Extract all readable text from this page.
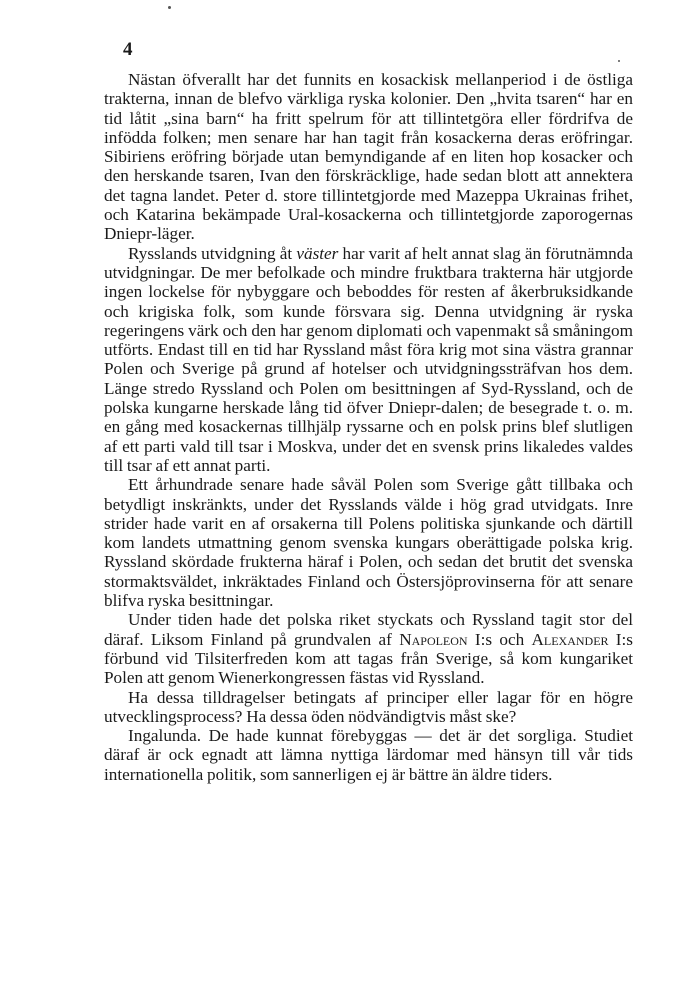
4

Nästan öfverallt har det funnits en kosackisk mellanperiod i de östliga trakterna, innan de blefvo värkliga ryska kolonier. Den „hvita tsaren“ har en tid låtit „sina barn“ ha fritt spelrum för att tillintetgöra eller fördrifva de infödda folken; men senare har han tagit från kosackerna deras eröfringar. Sibiriens eröfring började utan bemyndigande af en liten hop kosacker och den herskande tsaren, Ivan den förskräcklige, hade sedan blott att annektera det tagna landet. Peter d. store tillintetgjorde med Mazeppa Ukrainas frihet, och Katarina bekämpade Ural-kosackerna och tillintetgjorde zaporogernas Dniepr-läger.

Rysslands utvidgning åt väster har varit af helt annat slag än förutnämnda utvidgningar. De mer befolkade och mindre fruktbara trakterna här utgjorde ingen lockelse för nybyggare och beboddes för resten af åkerbruksidkande och krigiska folk, som kunde försvara sig. Denna utvidgning är ryska regeringens värk och den har genom diplomati och vapenmakt så småningom utförts. Endast till en tid har Ryssland måst föra krig mot sina västra grannar Polen och Sverige på grund af hotelser och utvidgningssträfvan hos dem. Länge stredo Ryssland och Polen om besittningen af Syd-Ryssland, och de polska kungarne herskade lång tid öfver Dniepr-dalen; de besegrade t. o. m. en gång med kosackernas tillhjälp ryssarne och en polsk prins blef slutligen af ett parti vald till tsar i Moskva, under det en svensk prins likaledes valdes till tsar af ett annat parti.

Ett århundrade senare hade såväl Polen som Sverige gått tillbaka och betydligt inskränkts, under det Rysslands välde i hög grad utvidgats. Inre strider hade varit en af orsakerna till Polens politiska sjunkande och därtill kom landets utmattning genom svenska kungars oberättigade polska krig. Ryssland skördade frukterna häraf i Polen, och sedan det brutit det svenska stormaktsväldet, inkräktades Finland och Östersjöprovinserna för att senare blifva ryska besittningar.

Under tiden hade det polska riket styckats och Ryssland tagit stor del däraf. Liksom Finland på grundvalen af Napoleon I:s och Alexander I:s förbund vid Tilsiterfreden kom att tagas från Sverige, så kom kungariket Polen att genom Wienerkongressen fästas vid Ryssland.

Ha dessa tilldragelser betingats af principer eller lagar för en högre utvecklingsprocess? Ha dessa öden nödvändigtvis måst ske?

Ingalunda. De hade kunnat förebyggas — det är det sorgliga. Studiet däraf är ock egnadt att lämna nyttiga lärdomar med hänsyn till vår tids internationella politik, som sannerligen ej är bättre än äldre tiders.
